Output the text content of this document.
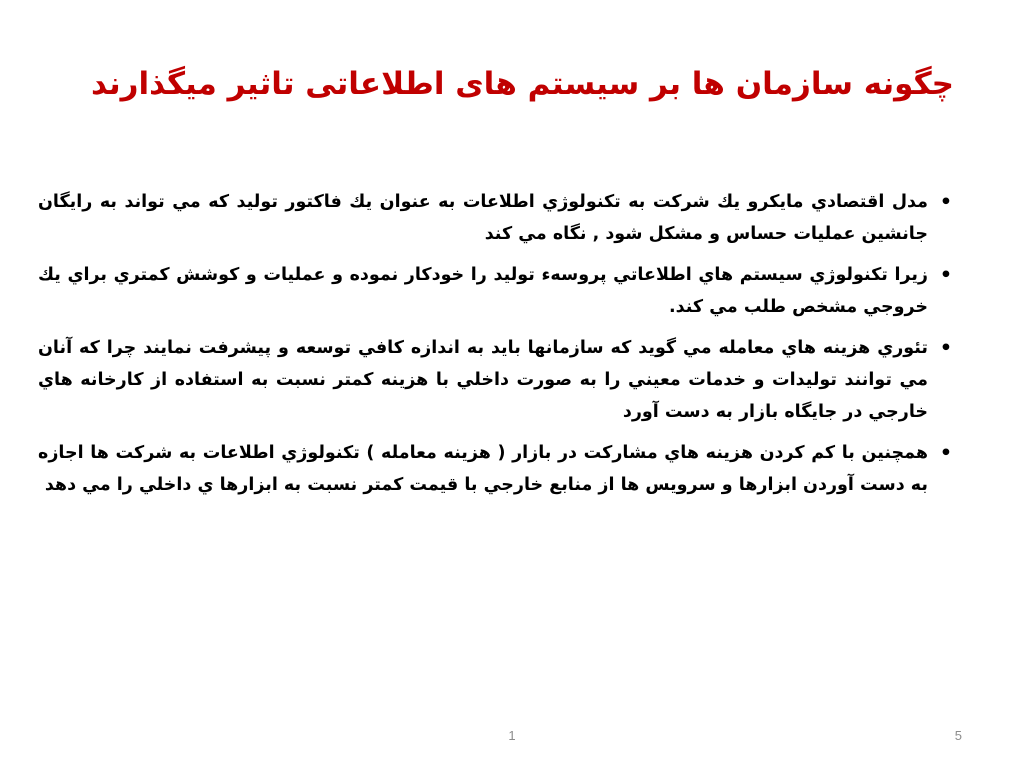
چگونه سازمان ها بر سیستم های اطلاعاتی تاثیر میگذارند
•
مدل اقتصادي مايكرو يك شركت به تكنولوژي اطلاعات به عنوان يك فاكتور توليد كه مي تواند به رايگان جانشين عمليات حساس و مشكل شود , نگاه مي كند
•
زيرا تكنولوژي سيستم هاي اطلاعاتي پروسهء توليد را خودكار نموده و عمليات و كوشش كمتري براي يك خروجي مشخص طلب مي كند.
•
تئوري هزينه هاي معامله مي گويد كه سازمانها بايد به اندازه كافي توسعه و پيشرفت نمايند چرا كه آنان مي توانند توليدات و خدمات معيني را به صورت داخلي با هزينه كمتر نسبت به استفاده از كارخانه هاي خارجي در جايگاه بازار به دست آورد
•
همچنين با كم كردن هزينه هاي مشاركت در بازار ( هزينه معامله ) تكنولوژي اطلاعات به شركت ها اجازه به دست آوردن ابزارها و سرويس ها از منابع خارجي با قيمت كمتر نسبت به ابزارها ي داخلي را مي دهد
1	5
